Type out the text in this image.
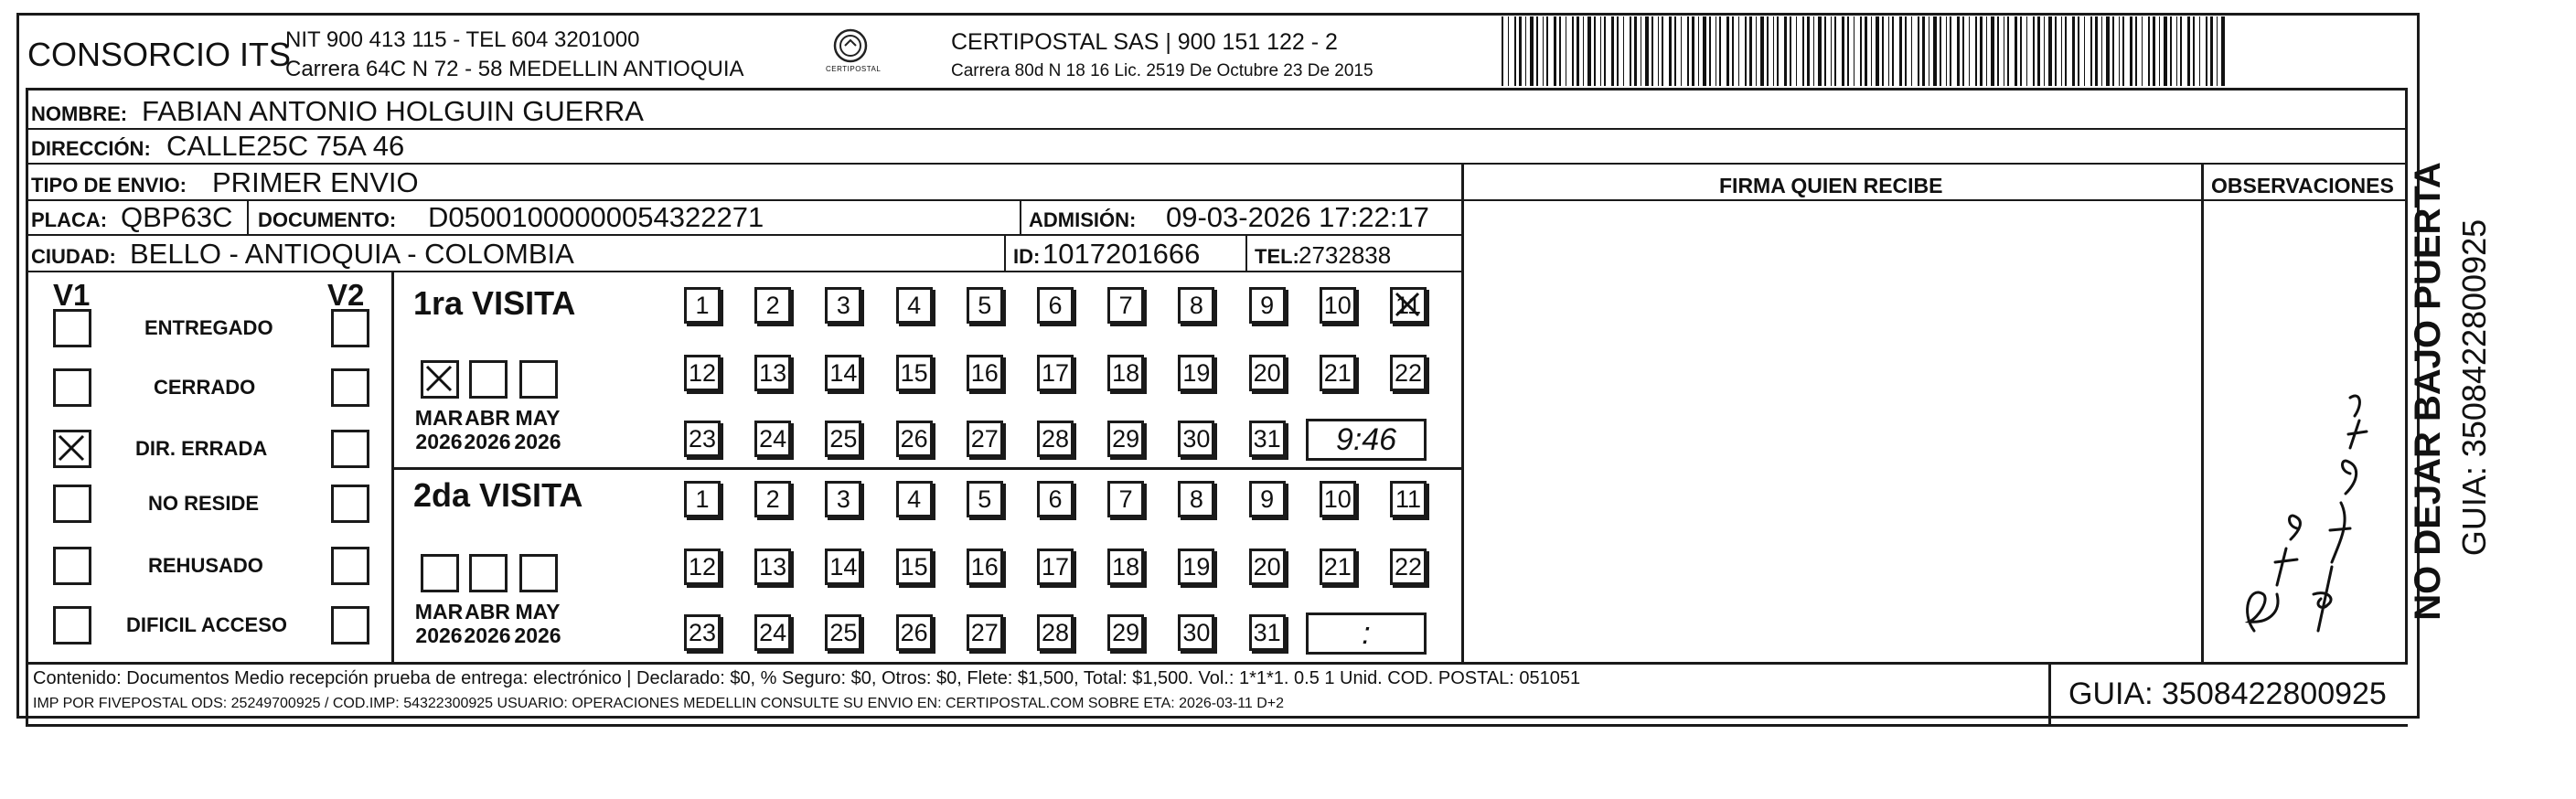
CONSORCIO ITS
NIT 900 413 115 - TEL 604 3201000
Carrera 64C N 72 - 58 MEDELLIN ANTIOQUIA	CERTIPOSTAL
CERTIPOSTAL SAS | 900 151 122 - 2
Carrera 80d N 18 16 Lic. 2519 De Octubre 23 De 2015
NOMBRE: FABIAN ANTONIO HOLGUIN GUERRA
DIRECCIÓN: CALLE25C 75A 46
TIPO DE ENVIO: PRIMER ENVIO
PLACA: QBP63C DOCUMENTO: D05001000000054322271	ADMISIÓN: 09-03-2026 17:22:17
CIUDAD: BELLO - ANTIOQUIA - COLOMBIA	ID: 1017201666	TEL: 2732838
FIRMA QUIEN RECIBE	OBSERVACIONES
V1	V2
ENTREGADO
CERRADO
DIR. ERRADA
NO RESIDE
REHUSADO
DIFICIL ACCESO
1ra VISITA
MAR
2026
ABR
2026
MAY
2026
1	2	3	4	5	6	7	8	9	10 11
12 13 14 15 16 17 18 19 20 21 22
23 24 25 26 27 28 29 30 31	9:46
2da VISITA
MAR
2026
ABR
2026
MAY
2026
1	2	3	4	5	6	7	8	9	10 11
12 13 14 15 16 17 18 19 20 21 22
23 24 25 26 27 28 29 30 31	:
Contenido: Documentos Medio recepción prueba de entrega: electrónico | Declarado: $0, % Seguro: $0, Otros: $0, Flete: $1,500, Total: $1,500. Vol.: 1*1*1. 0.5 1 Unid. COD. POSTAL: 051051
IMP POR FIVEPOSTAL ODS: 25249700925 / COD.IMP: 54322300925 USUARIO: OPERACIONES MEDELLIN CONSULTE SU ENVIO EN: CERTIPOSTAL.COM SOBRE ETA: 2026-03-11 D+2	GUIA: 3508422800925
NO DEJAR BAJO PUERTA GUIA: 3508422800925
